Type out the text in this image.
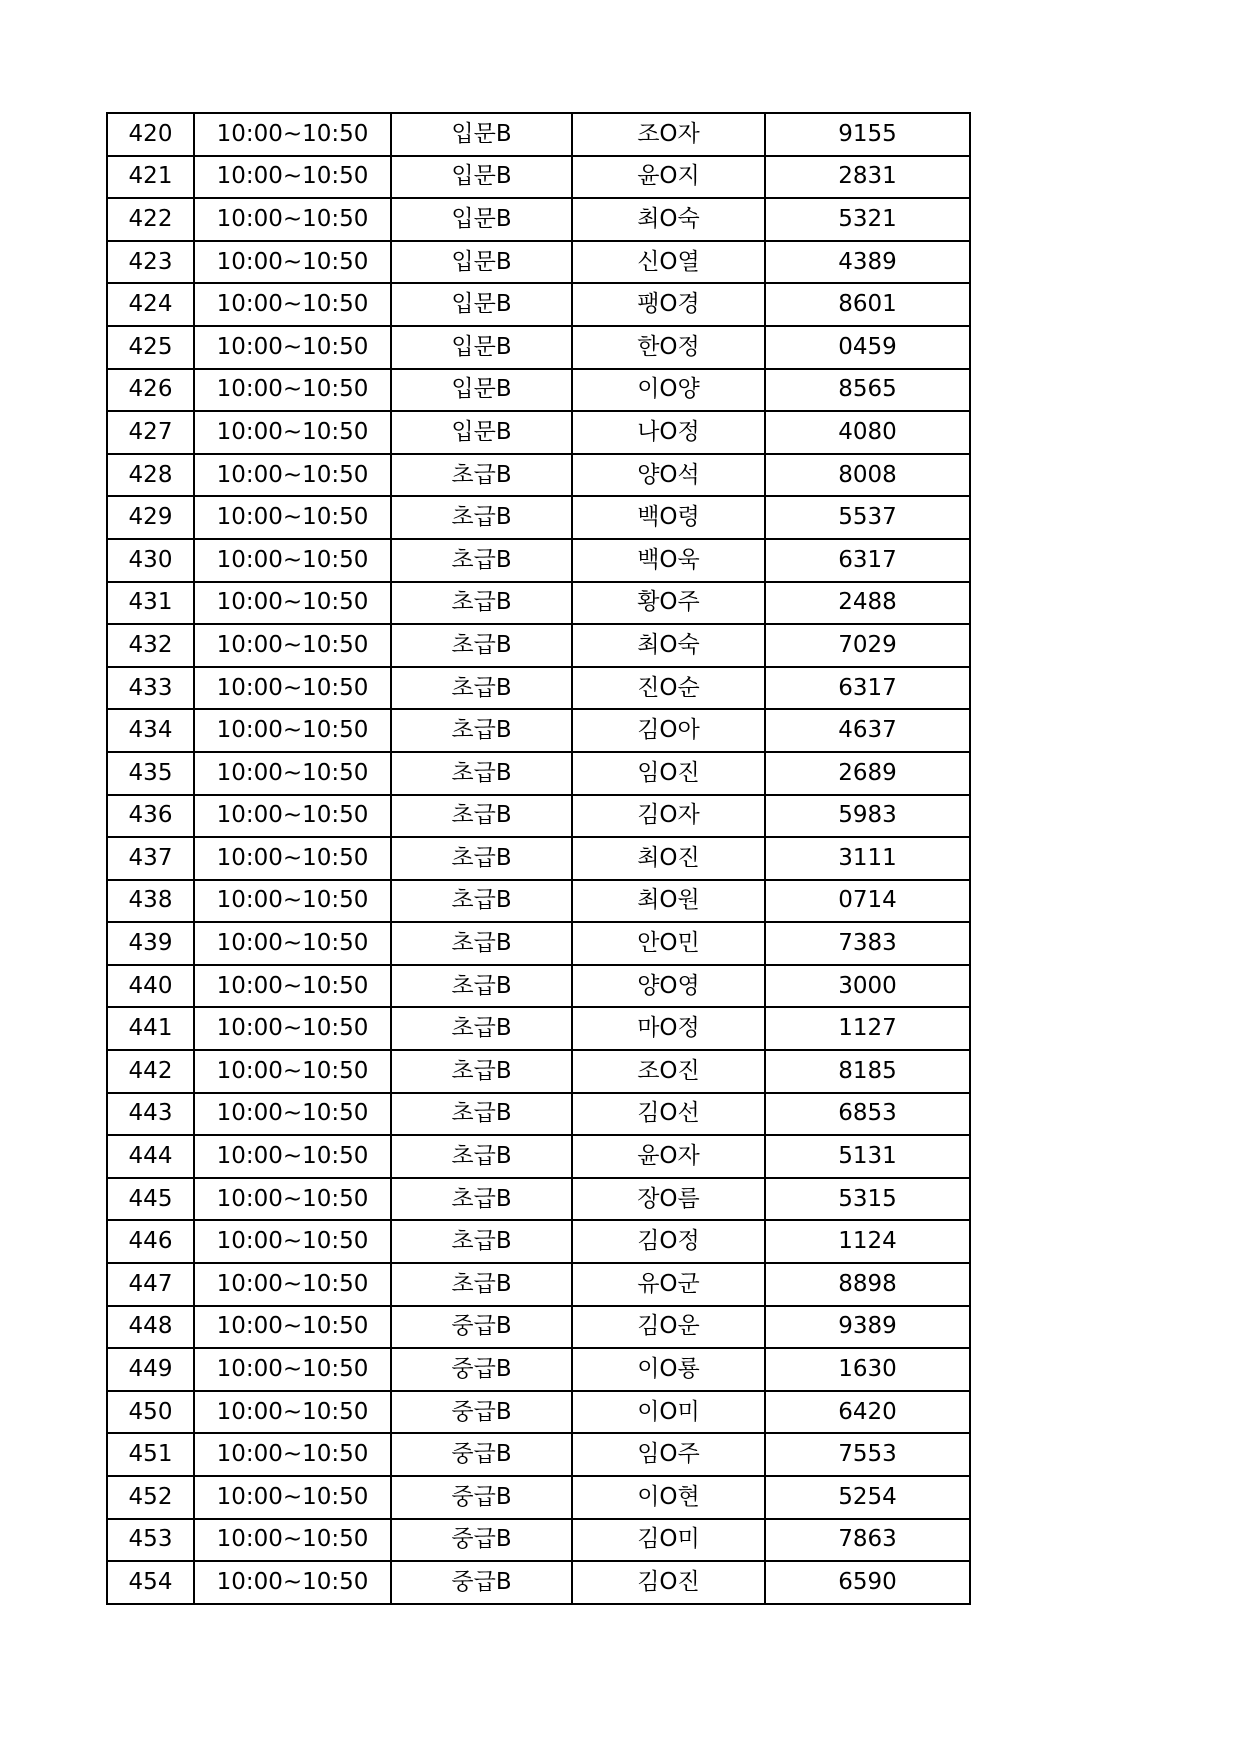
420	10:00~10:50	입문B	조O자	9155
421	10:00~10:50	입문B	윤O지	2831
422	10:00~10:50	입문B	최O숙	5321
423	10:00~10:50	입문B	신O열	4389
424	10:00~10:50	입문B	팽O경	8601
425	10:00~10:50	입문B	한O정	0459
426	10:00~10:50	입문B	이O양	8565
427	10:00~10:50	입문B	나O정	4080
428	10:00~10:50	초급B	양O석	8008
429	10:00~10:50	초급B	백O령	5537
430	10:00~10:50	초급B	백O욱	6317
431	10:00~10:50	초급B	황O주	2488
432	10:00~10:50	초급B	최O숙	7029
433	10:00~10:50	초급B	진O순	6317
434	10:00~10:50	초급B	김O아	4637
435	10:00~10:50	초급B	임O진	2689
436	10:00~10:50	초급B	김O자	5983
437	10:00~10:50	초급B	최O진	3111
438	10:00~10:50	초급B	최O원	0714
439	10:00~10:50	초급B	안O민	7383
440	10:00~10:50	초급B	양O영	3000
441	10:00~10:50	초급B	마O정	1127
442	10:00~10:50	초급B	조O진	8185
443	10:00~10:50	초급B	김O선	6853
444	10:00~10:50	초급B	윤O자	5131
445	10:00~10:50	초급B	장O름	5315
446	10:00~10:50	초급B	김O정	1124
447	10:00~10:50	초급B	유O군	8898
448	10:00~10:50	중급B	김O운	9389
449	10:00~10:50	중급B	이O룡	1630
450	10:00~10:50	중급B	이O미	6420
451	10:00~10:50	중급B	임O주	7553
452	10:00~10:50	중급B	이O현	5254
453	10:00~10:50	중급B	김O미	7863
454	10:00~10:50	중급B	김O진	6590
